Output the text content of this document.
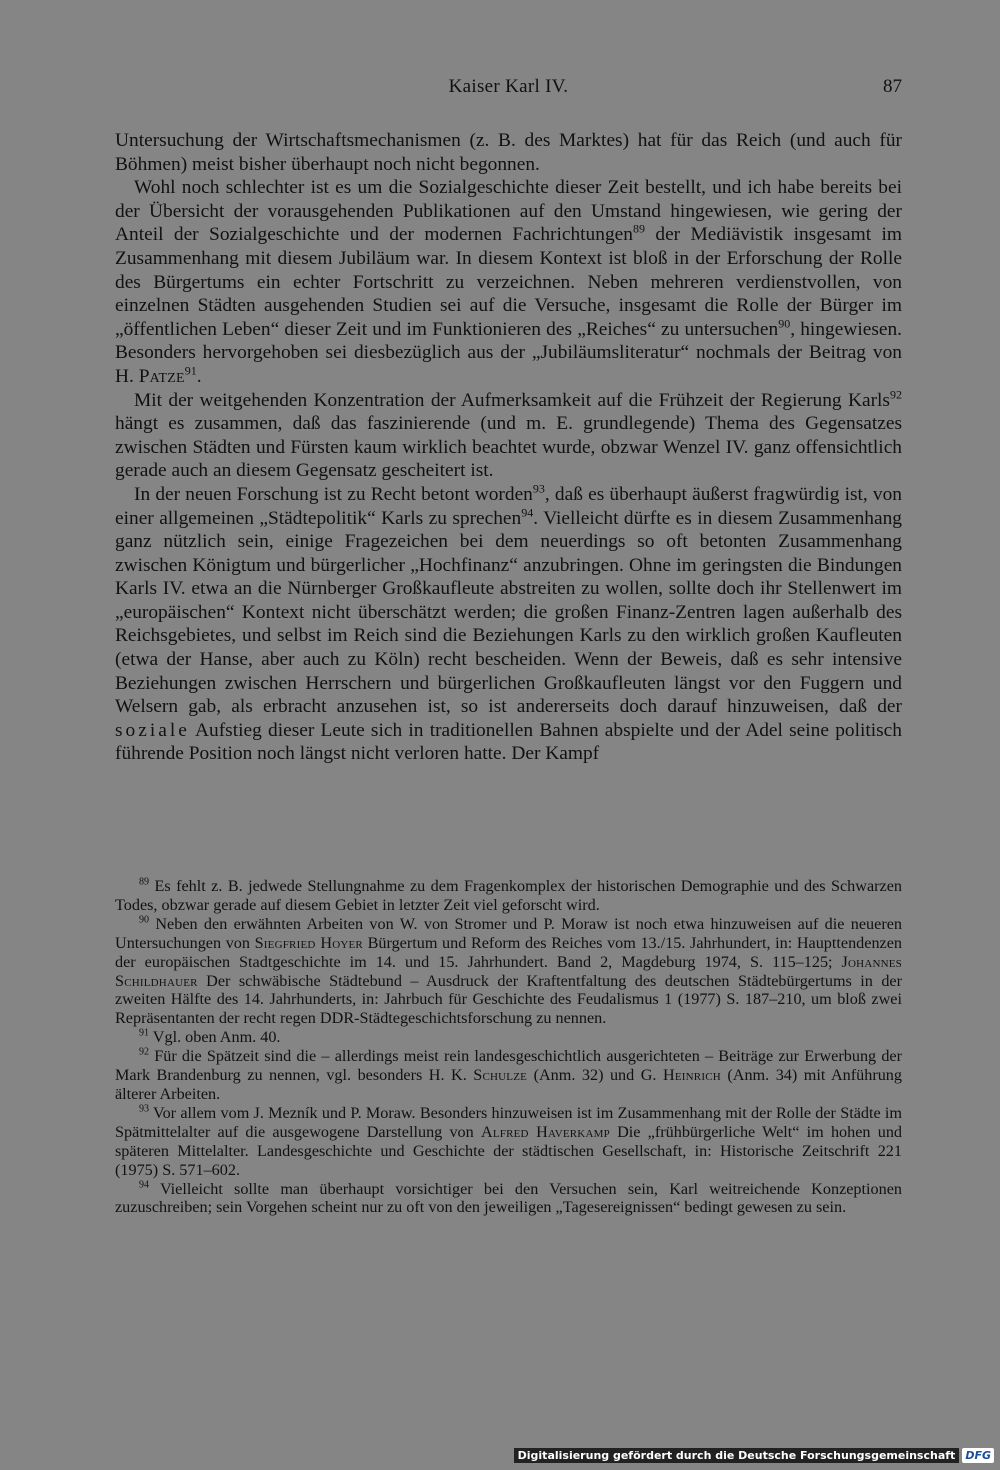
Kaiser Karl IV.	87

Untersuchung der Wirtschaftsmechanismen (z. B. des Marktes) hat für das Reich (und auch für Böhmen) meist bisher überhaupt noch nicht begonnen.

Wohl noch schlechter ist es um die Sozialgeschichte dieser Zeit bestellt, und ich habe bereits bei der Übersicht der vorausgehenden Publikationen auf den Umstand hingewiesen, wie gering der Anteil der Sozialgeschichte und der modernen Fachrichtungen$^{89}$ der Mediävistik insgesamt im Zusammenhang mit diesem Jubiläum war. In diesem Kontext ist bloß in der Erforschung der Rolle des Bürgertums ein echter Fortschritt zu verzeichnen. Neben mehreren verdienstvollen, von einzelnen Städten ausgehenden Studien sei auf die Versuche, insgesamt die Rolle der Bürger im „öffentlichen Leben“ dieser Zeit und im Funktionieren des „Reiches“ zu untersuchen$^{90}$, hingewiesen. Besonders hervorgehoben sei diesbezüglich aus der „Jubiläumsliteratur“ nochmals der Beitrag von H. Patze$^{91}$.

Mit der weitgehenden Konzentration der Aufmerksamkeit auf die Frühzeit der Regierung Karls$^{92}$ hängt es zusammen, daß das faszinierende (und m. E. grundlegende) Thema des Gegensatzes zwischen Städten und Fürsten kaum wirklich beachtet wurde, obzwar Wenzel IV. ganz offensichtlich gerade auch an diesem Gegensatz gescheitert ist.

In der neuen Forschung ist zu Recht betont worden$^{93}$, daß es überhaupt äußerst fragwürdig ist, von einer allgemeinen „Städtepolitik“ Karls zu sprechen$^{94}$. Vielleicht dürfte es in diesem Zusammenhang ganz nützlich sein, einige Fragezeichen bei dem neuerdings so oft betonten Zusammenhang zwischen Königtum und bürgerlicher „Hochfinanz“ anzubringen. Ohne im geringsten die Bindungen Karls IV. etwa an die Nürnberger Großkaufleute abstreiten zu wollen, sollte doch ihr Stellenwert im „europäischen“ Kontext nicht überschätzt werden; die großen Finanz-Zentren lagen außerhalb des Reichsgebietes, und selbst im Reich sind die Beziehungen Karls zu den wirklich großen Kaufleuten (etwa der Hanse, aber auch zu Köln) recht bescheiden. Wenn der Beweis, daß es sehr intensive Beziehungen zwischen Herrschern und bürgerlichen Großkaufleuten längst vor den Fuggern und Welsern gab, als erbracht anzusehen ist, so ist andererseits doch darauf hinzuweisen, daß der soziale Aufstieg dieser Leute sich in traditionellen Bahnen abspielte und der Adel seine politisch führende Position noch längst nicht verloren hatte. Der Kampf

$^{89}$ Es fehlt z. B. jedwede Stellungnahme zu dem Fragenkomplex der historischen Demographie und des Schwarzen Todes, obzwar gerade auf diesem Gebiet in letzter Zeit viel geforscht wird.

$^{90}$ Neben den erwähnten Arbeiten von W. von Stromer und P. Moraw ist noch etwa hinzuweisen auf die neueren Untersuchungen von Siegfried Hoyer Bürgertum und Reform des Reiches vom 13./15. Jahrhundert, in: Haupttendenzen der europäischen Stadtgeschichte im 14. und 15. Jahrhundert. Band 2, Magdeburg 1974, S. 115–125; Johannes Schildhauer Der schwäbische Städtebund – Ausdruck der Kraftentfaltung des deutschen Städtebürgertums in der zweiten Hälfte des 14. Jahrhunderts, in: Jahrbuch für Geschichte des Feudalismus 1 (1977) S. 187–210, um bloß zwei Repräsentanten der recht regen DDR-Städtegeschichtsforschung zu nennen.

$^{91}$ Vgl. oben Anm. 40.

$^{92}$ Für die Spätzeit sind die – allerdings meist rein landesgeschichtlich ausgerichteten – Beiträge zur Erwerbung der Mark Brandenburg zu nennen, vgl. besonders H. K. Schulze (Anm. 32) und G. Heinrich (Anm. 34) mit Anführung älterer Arbeiten.

$^{93}$ Vor allem vom J. Mezník und P. Moraw. Besonders hinzuweisen ist im Zusammenhang mit der Rolle der Städte im Spätmittelalter auf die ausgewogene Darstellung von Alfred Haverkamp Die „frühbürgerliche Welt“ im hohen und späteren Mittelalter. Landesgeschichte und Geschichte der städtischen Gesellschaft, in: Historische Zeitschrift 221 (1975) S. 571–602.

$^{94}$ Vielleicht sollte man überhaupt vorsichtiger bei den Versuchen sein, Karl weitreichende Konzeptionen zuzuschreiben; sein Vorgehen scheint nur zu oft von den jeweiligen „Tagesereignissen“ bedingt gewesen zu sein.

Digitalisierung gefördert durch die Deutsche Forschungsgemeinschaft DFG
